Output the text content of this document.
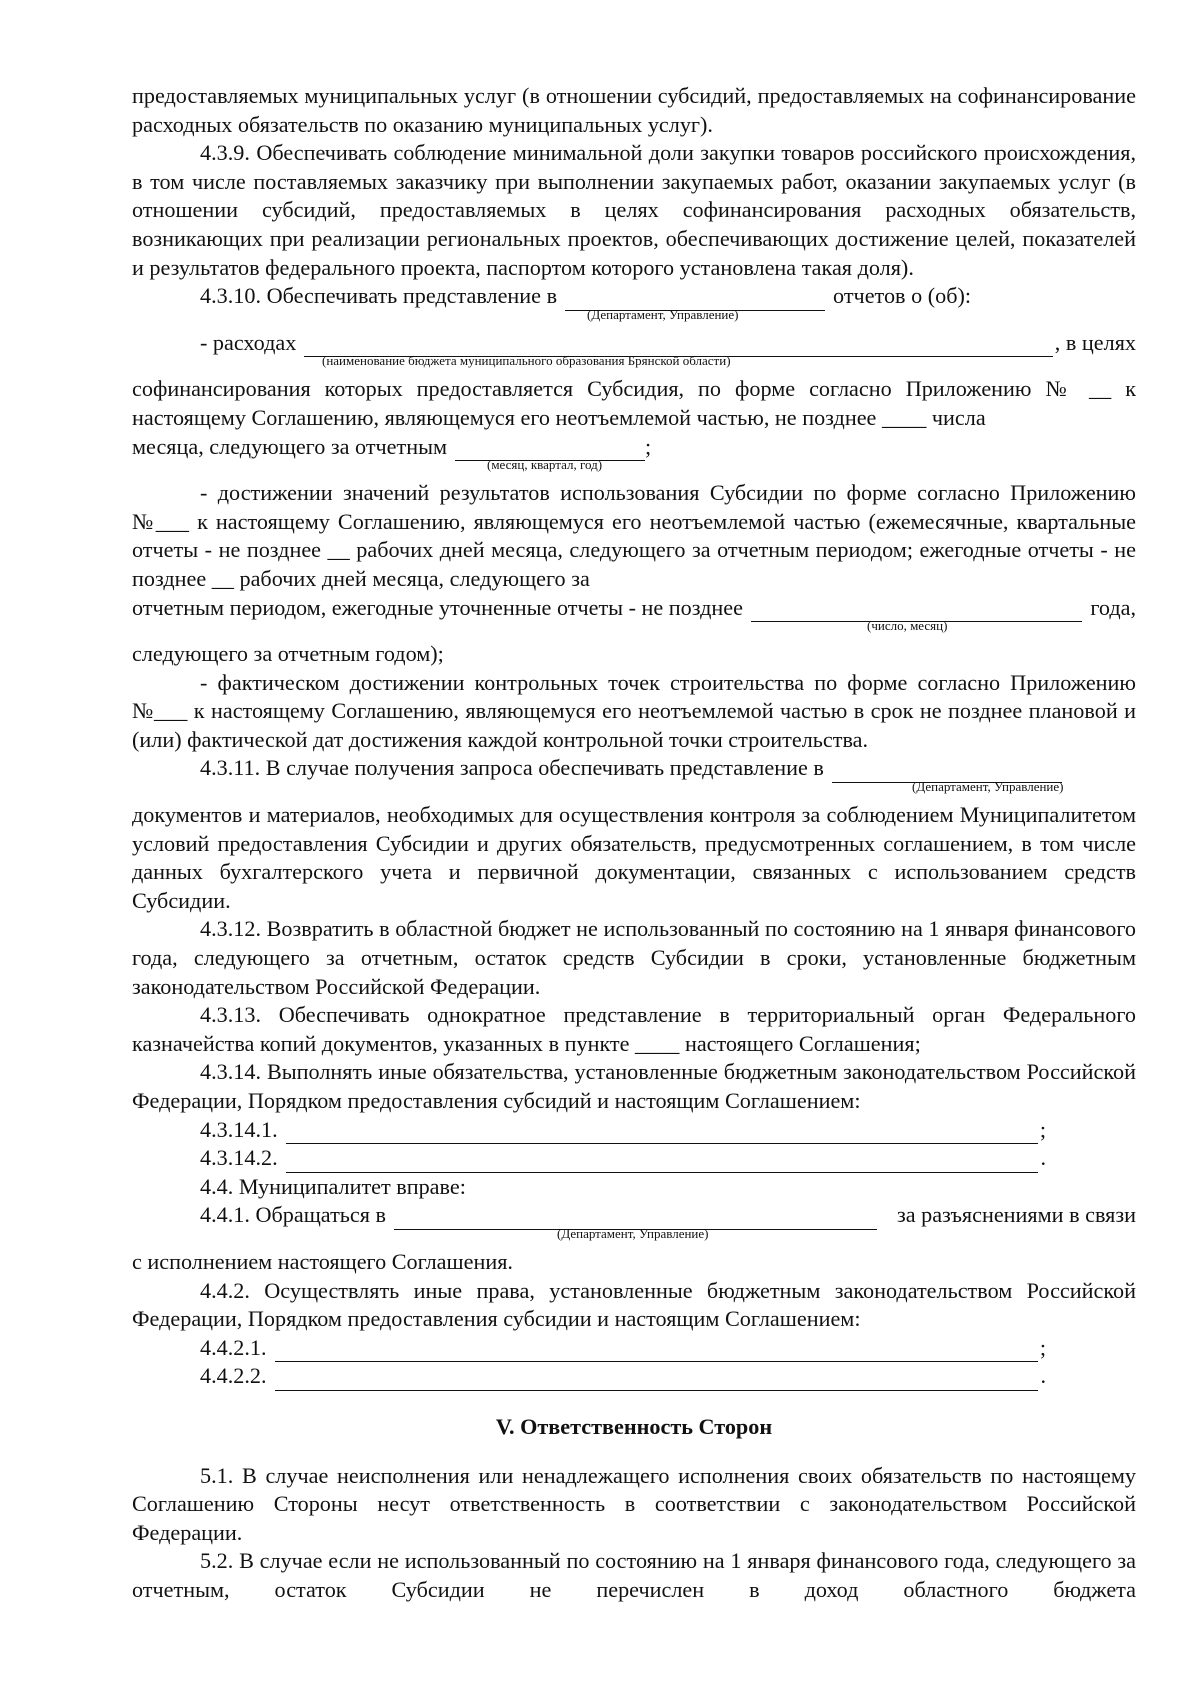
предоставляемых муниципальных услуг (в отношении субсидий, предоставляемых на софинансирование расходных обязательств по оказанию муниципальных услуг).

4.3.9. Обеспечивать соблюдение минимальной доли закупки товаров российского происхождения, в том числе поставляемых заказчику при выполнении закупаемых работ, оказании закупаемых услуг (в отношении субсидий, предоставляемых в целях софинансирования расходных обязательств, возникающих при реализации региональных проектов, обеспечивающих достижение целей, показателей и результатов федерального проекта, паспортом которого установлена такая доля).

4.3.10. Обеспечивать представление в	отчетов о (об):
(Департамент, Управление)
- расходах	, в целях
(наименование бюджета муниципального образования Брянской области)

софинансирования которых предоставляется Субсидия, по форме согласно Приложению № __ к настоящему Соглашению, являющемуся его неотъемлемой частью, не позднее ____ числа

месяца, следующего за отчетным	;
(месяц, квартал, год)

- достижении значений результатов использования Субсидии по форме согласно Приложению №___ к настоящему Соглашению, являющемуся его неотъемлемой частью (ежемесячные, квартальные отчеты - не позднее __ рабочих дней месяца, следующего за отчетным периодом; ежегодные отчеты - не позднее __ рабочих дней месяца, следующего за

отчетным периодом, ежегодные уточненные отчеты - не позднее	года,
(число, месяц)

следующего за отчетным годом);

- фактическом достижении контрольных точек строительства по форме согласно Приложению №___ к настоящему Соглашению, являющемуся его неотъемлемой частью в срок не позднее плановой и (или) фактической дат достижения каждой контрольной точки строительства.

4.3.11. В случае получения запроса обеспечивать представление в
(Департамент, Управление)

документов и материалов, необходимых для осуществления контроля за соблюдением Муниципалитетом условий предоставления Субсидии и других обязательств, предусмотренных соглашением, в том числе данных бухгалтерского учета и первичной документации, связанных с использованием средств Субсидии.

4.3.12. Возвратить в областной бюджет не использованный по состоянию на 1 января финансового года, следующего за отчетным, остаток средств Субсидии в сроки, установленные бюджетным законодательством Российской Федерации.

4.3.13. Обеспечивать однократное представление в территориальный орган Федерального казначейства копий документов, указанных в пункте ____ настоящего Соглашения;

4.3.14. Выполнять иные обязательства, установленные бюджетным законодательством Российской Федерации, Порядком предоставления субсидий и настоящим Соглашением:

4.3.14.1.	;
4.3.14.2.	.

4.4. Муниципалитет вправе:

4.4.1. Обращаться в	за разъяснениями в связи
(Департамент, Управление)

с исполнением настоящего Соглашения.

4.4.2. Осуществлять иные права, установленные бюджетным законодательством Российской Федерации, Порядком предоставления субсидии и настоящим Соглашением:

4.4.2.1.	;
4.4.2.2.	.
V. Ответственность Сторон

5.1. В случае неисполнения или ненадлежащего исполнения своих обязательств по настоящему Соглашению Стороны несут ответственность в соответствии с законодательством Российской Федерации.

5.2. В случае если не использованный по состоянию на 1 января финансового года, следующего за отчетным, остаток Субсидии не перечислен в доход областного бюджета
